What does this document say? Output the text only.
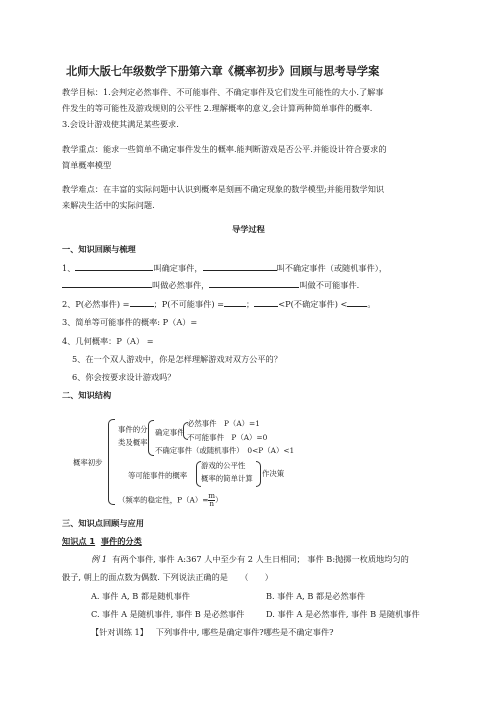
北师大版七年级数学下册第六章《概率初步》回顾与思考导学案
教学目标：1.会判定必然事件、不可能事件、不确定事件及它们发生可能性的大小.了解事
件发生的等可能性及游戏规则的公平性 2.理解概率的意义,会计算两种简单事件的概率.
3.会设计游戏使其满足某些要求.
教学重点：能求一些简单不确定事件发生的概率.能判断游戏是否公平.并能设计符合要求的
简单概率模型
教学难点：在丰富的实际问题中认识到概率是刻画不确定现象的数学模型;并能用数学知识
来解决生活中的实际问题.
导学过程
一、知识回顾与梳理
1、	叫确定事件，	叫不确定事件（或随机事件），
叫做必然事件，	叫做不可能事件.
2、P(必然事件) =	；P(不可能事件) =	；	<P(不确定事件) < 。
3、简单等可能事件的概率: P（A）=
4、几何概率：P（A） =
5、在一个双人游戏中，你是怎样理解游戏对双方公平的？
6、你会按要求设计游戏吗？
二、知识结构
概率初步
事件的分
类及概率
确定事件
必然事件　P（A）=1
不可能事件　P（A）=0
不确定事件（或随机事件）　0<P（A）<1
等可能事件的概率
游戏的公平性
概率的简单计算
作决策
（频率的稳定性，$P(A)= \frac{m}{n}$ ）
三、知识点回顾与应用
知识点 1 事件的分类
例 1 有两个事件, 事件 A:367 人中至少有 2 人生日相同； 事件 B:抛掷一枚质地均匀的
骰子, 朝上的面点数为偶数. 下列说法正确的是　　（　　）
A. 事件 A, B 都是随机事件	B. 事件 A, B 都是必然事件
C. 事件 A 是随机事件, 事件 B 是必然事件	D. 事件 A 是必然事件, 事件 B 是随机事件
【针对训练 1】 下列事件中, 哪些是确定事件?哪些是不确定事件?
